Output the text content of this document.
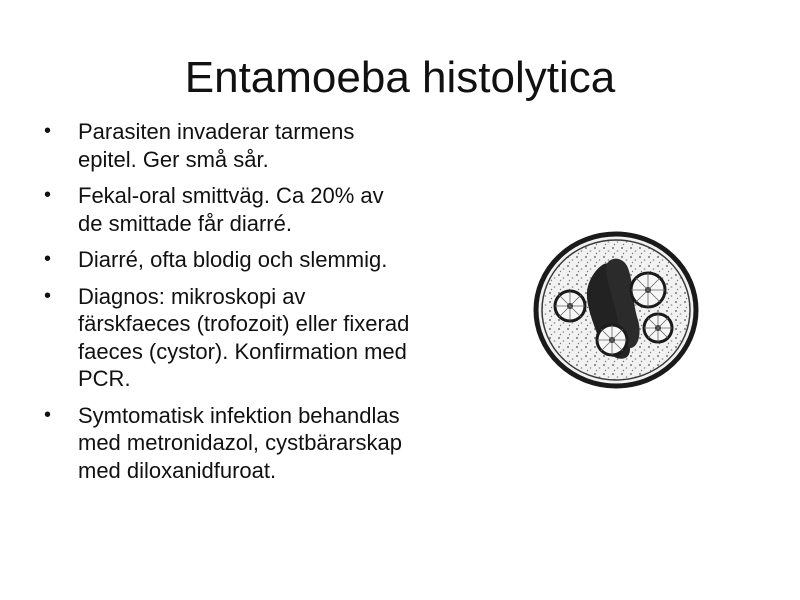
Entamoeba histolytica
• Parasiten invaderar tarmens
epitel. Ger små sår.
• Fekal-oral smittväg. Ca 20% av
de smittade får diarré.
• Diarré, ofta blodig och slemmig.
• Diagnos: mikroskopi av
färskfaeces (trofozoit) eller fixerad
faeces (cystor). Konfirmation med
PCR.
• Symtomatisk infektion behandlas
med metronidazol, cystbärarskap
med diloxanidfuroat.
